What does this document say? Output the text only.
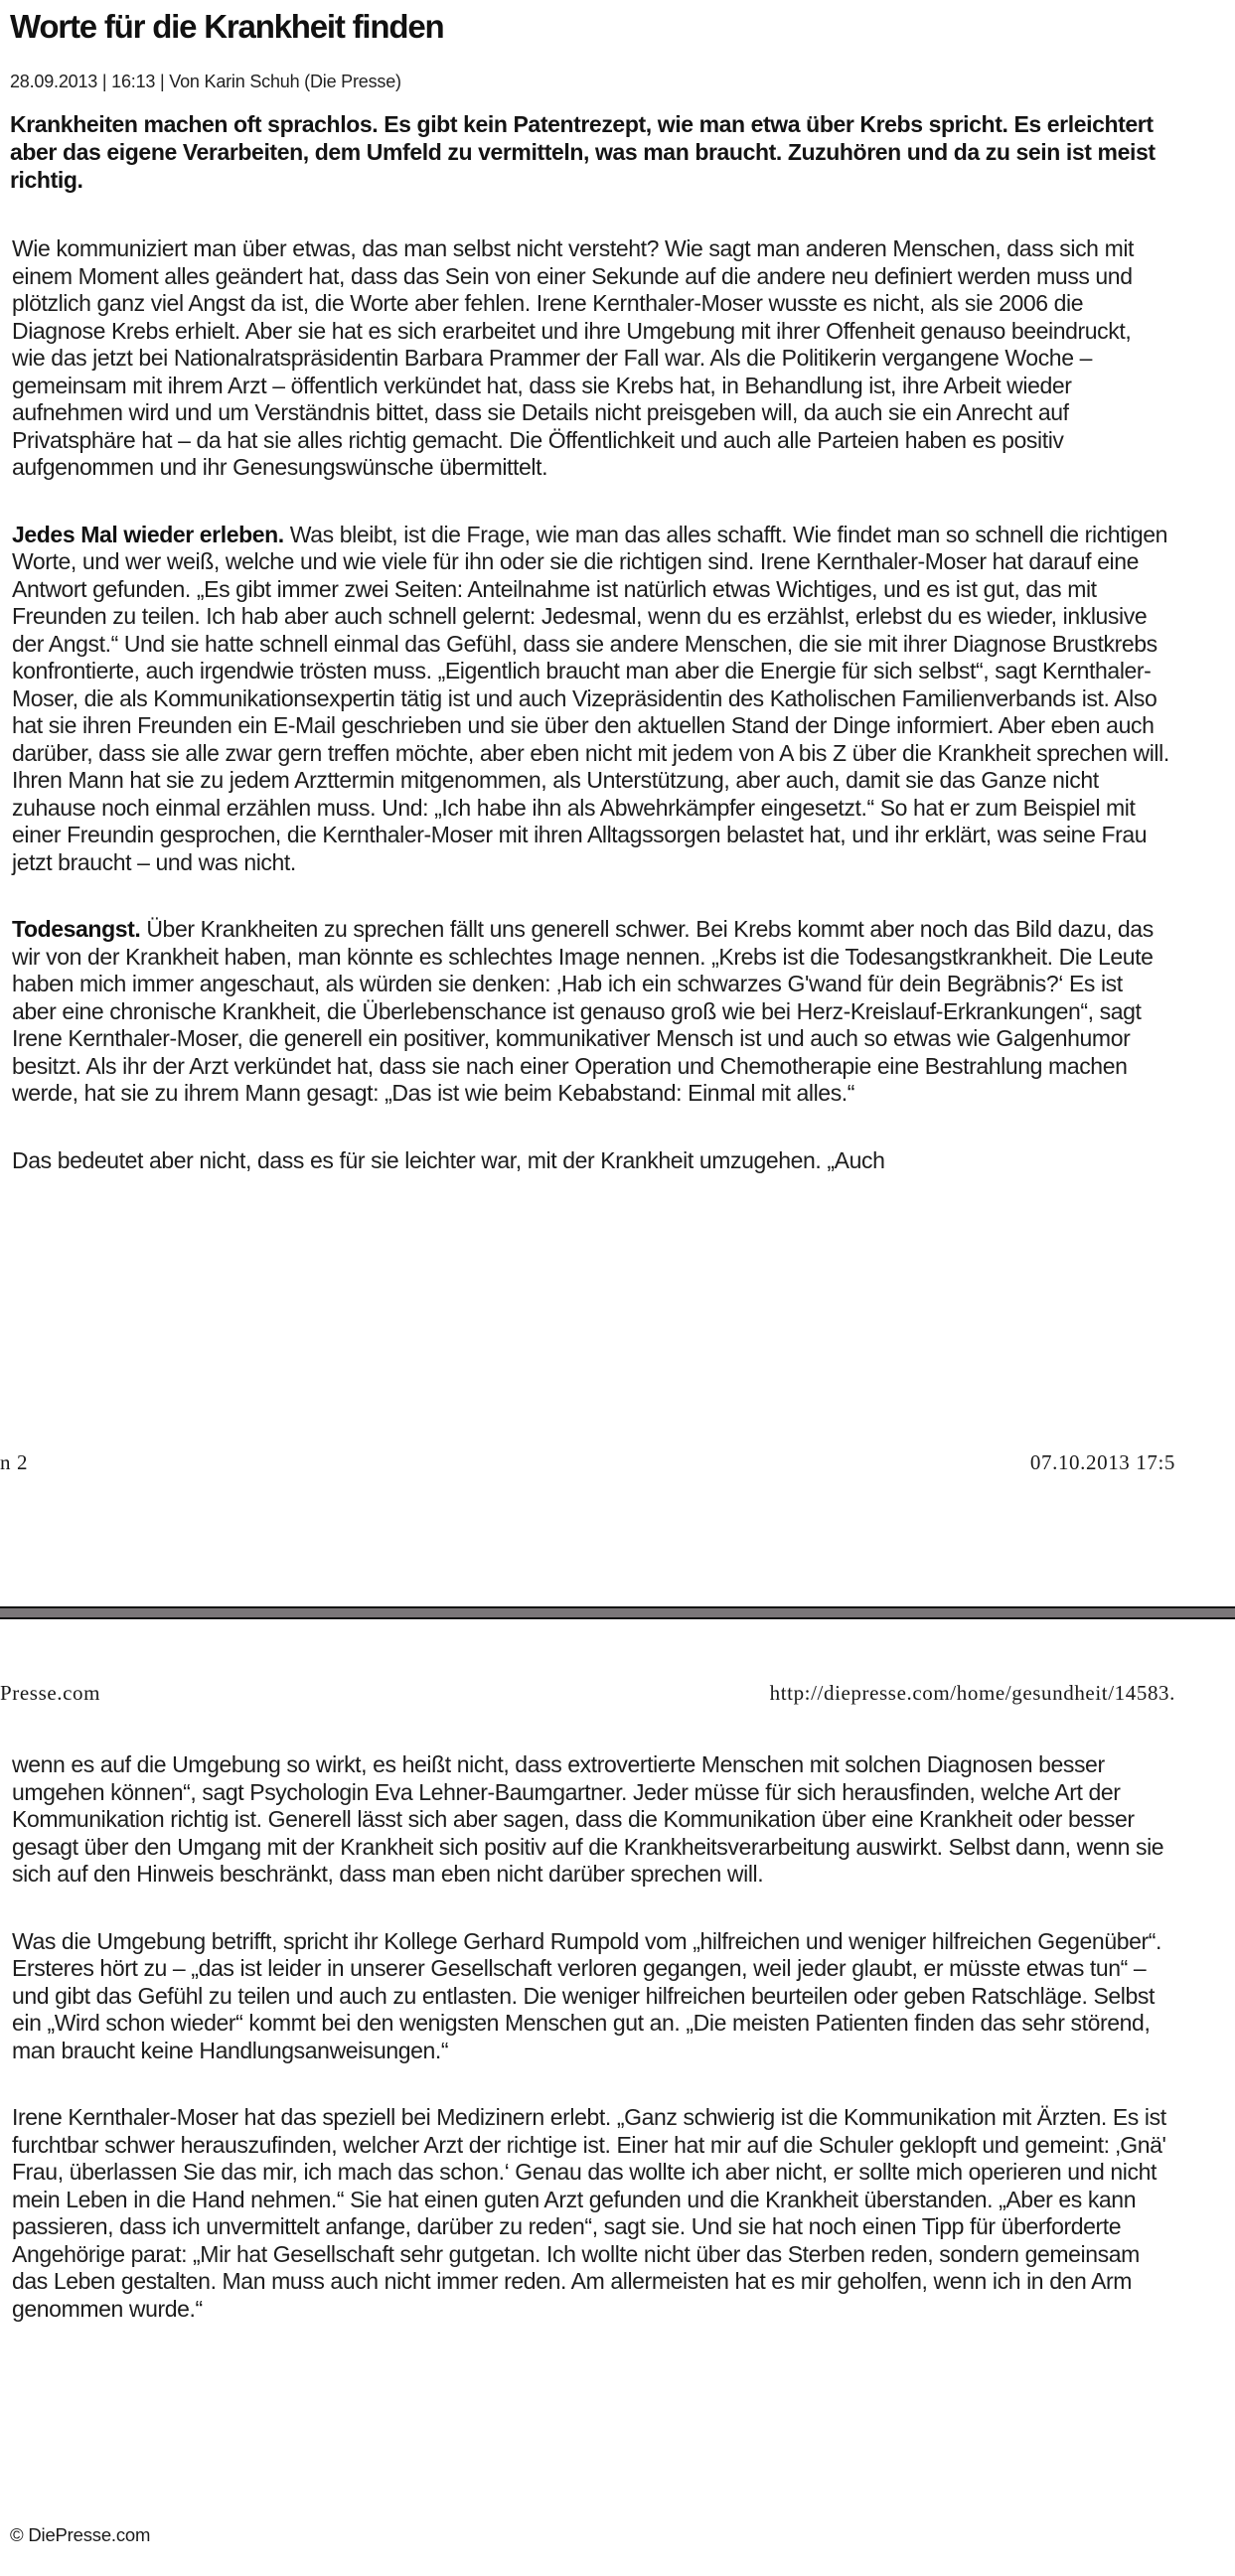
Worte für die Krankheit finden
28.09.2013 | 16:13 | Von Karin Schuh (Die Presse)
Krankheiten machen oft sprachlos. Es gibt kein Patentrezept, wie man etwa über Krebs spricht. Es erleichtert aber das eigene Verarbeiten, dem Umfeld zu vermitteln, was man braucht. Zuzuhören und da zu sein ist meist richtig.

Wie kommuniziert man über etwas, das man selbst nicht versteht? Wie sagt man anderen Menschen, dass sich mit einem Moment alles geändert hat, dass das Sein von einer Sekunde auf die andere neu definiert werden muss und plötzlich ganz viel Angst da ist, die Worte aber fehlen. Irene Kernthaler-Moser wusste es nicht, als sie 2006 die Diagnose Krebs erhielt. Aber sie hat es sich erarbeitet und ihre Umgebung mit ihrer Offenheit genauso beeindruckt, wie das jetzt bei Nationalratspräsidentin Barbara Prammer der Fall war. Als die Politikerin vergangene Woche – gemeinsam mit ihrem Arzt – öffentlich verkündet hat, dass sie Krebs hat, in Behandlung ist, ihre Arbeit wieder aufnehmen wird und um Verständnis bittet, dass sie Details nicht preisgeben will, da auch sie ein Anrecht auf Privatsphäre hat – da hat sie alles richtig gemacht. Die Öffentlichkeit und auch alle Parteien haben es positiv aufgenommen und ihr Genesungswünsche übermittelt.

Jedes Mal wieder erleben. Was bleibt, ist die Frage, wie man das alles schafft. Wie findet man so schnell die richtigen Worte, und wer weiß, welche und wie viele für ihn oder sie die richtigen sind. Irene Kernthaler-Moser hat darauf eine Antwort gefunden. „Es gibt immer zwei Seiten: Anteilnahme ist natürlich etwas Wichtiges, und es ist gut, das mit Freunden zu teilen. Ich hab aber auch schnell gelernt: Jedesmal, wenn du es erzählst, erlebst du es wieder, inklusive der Angst.“ Und sie hatte schnell einmal das Gefühl, dass sie andere Menschen, die sie mit ihrer Diagnose Brustkrebs konfrontierte, auch irgendwie trösten muss. „Eigentlich braucht man aber die Energie für sich selbst“, sagt Kernthaler-Moser, die als Kommunikationsexpertin tätig ist und auch Vizepräsidentin des Katholischen Familienverbands ist. Also hat sie ihren Freunden ein E-Mail geschrieben und sie über den aktuellen Stand der Dinge informiert. Aber eben auch darüber, dass sie alle zwar gern treffen möchte, aber eben nicht mit jedem von A bis Z über die Krankheit sprechen will. Ihren Mann hat sie zu jedem Arzttermin mitgenommen, als Unterstützung, aber auch, damit sie das Ganze nicht zuhause noch einmal erzählen muss. Und: „Ich habe ihn als Abwehrkämpfer eingesetzt.“ So hat er zum Beispiel mit einer Freundin gesprochen, die Kernthaler-Moser mit ihren Alltagssorgen belastet hat, und ihr erklärt, was seine Frau jetzt braucht – und was nicht.

Todesangst. Über Krankheiten zu sprechen fällt uns generell schwer. Bei Krebs kommt aber noch das Bild dazu, das wir von der Krankheit haben, man könnte es schlechtes Image nennen. „Krebs ist die Todesangstkrankheit. Die Leute haben mich immer angeschaut, als würden sie denken: ‚Hab ich ein schwarzes G'wand für dein Begräbnis?‘ Es ist aber eine chronische Krankheit, die Überlebenschance ist genauso groß wie bei Herz-Kreislauf-Erkrankungen“, sagt Irene Kernthaler-Moser, die generell ein positiver, kommunikativer Mensch ist und auch so etwas wie Galgenhumor besitzt. Als ihr der Arzt verkündet hat, dass sie nach einer Operation und Chemotherapie eine Bestrahlung machen werde, hat sie zu ihrem Mann gesagt: „Das ist wie beim Kebabstand: Einmal mit alles.“

Das bedeutet aber nicht, dass es für sie leichter war, mit der Krankheit umzugehen. „Auch

n 2	07.10.2013 17:5
Presse.com	http://diepresse.com/home/gesundheit/14583.

wenn es auf die Umgebung so wirkt, es heißt nicht, dass extrovertierte Menschen mit solchen Diagnosen besser umgehen können“, sagt Psychologin Eva Lehner-Baumgartner. Jeder müsse für sich herausfinden, welche Art der Kommunikation richtig ist. Generell lässt sich aber sagen, dass die Kommunikation über eine Krankheit oder besser gesagt über den Umgang mit der Krankheit sich positiv auf die Krankheitsverarbeitung auswirkt. Selbst dann, wenn sie sich auf den Hinweis beschränkt, dass man eben nicht darüber sprechen will.

Was die Umgebung betrifft, spricht ihr Kollege Gerhard Rumpold vom „hilfreichen und weniger hilfreichen Gegenüber“. Ersteres hört zu – „das ist leider in unserer Gesellschaft verloren gegangen, weil jeder glaubt, er müsste etwas tun“ – und gibt das Gefühl zu teilen und auch zu entlasten. Die weniger hilfreichen beurteilen oder geben Ratschläge. Selbst ein „Wird schon wieder“ kommt bei den wenigsten Menschen gut an. „Die meisten Patienten finden das sehr störend, man braucht keine Handlungsanweisungen.“

Irene Kernthaler-Moser hat das speziell bei Medizinern erlebt. „Ganz schwierig ist die Kommunikation mit Ärzten. Es ist furchtbar schwer herauszufinden, welcher Arzt der richtige ist. Einer hat mir auf die Schuler geklopft und gemeint: ‚Gnä' Frau, überlassen Sie das mir, ich mach das schon.‘ Genau das wollte ich aber nicht, er sollte mich operieren und nicht mein Leben in die Hand nehmen.“ Sie hat einen guten Arzt gefunden und die Krankheit überstanden. „Aber es kann passieren, dass ich unvermittelt anfange, darüber zu reden“, sagt sie. Und sie hat noch einen Tipp für überforderte Angehörige parat: „Mir hat Gesellschaft sehr gutgetan. Ich wollte nicht über das Sterben reden, sondern gemeinsam das Leben gestalten. Man muss auch nicht immer reden. Am allermeisten hat es mir geholfen, wenn ich in den Arm genommen wurde.“

© DiePresse.com
